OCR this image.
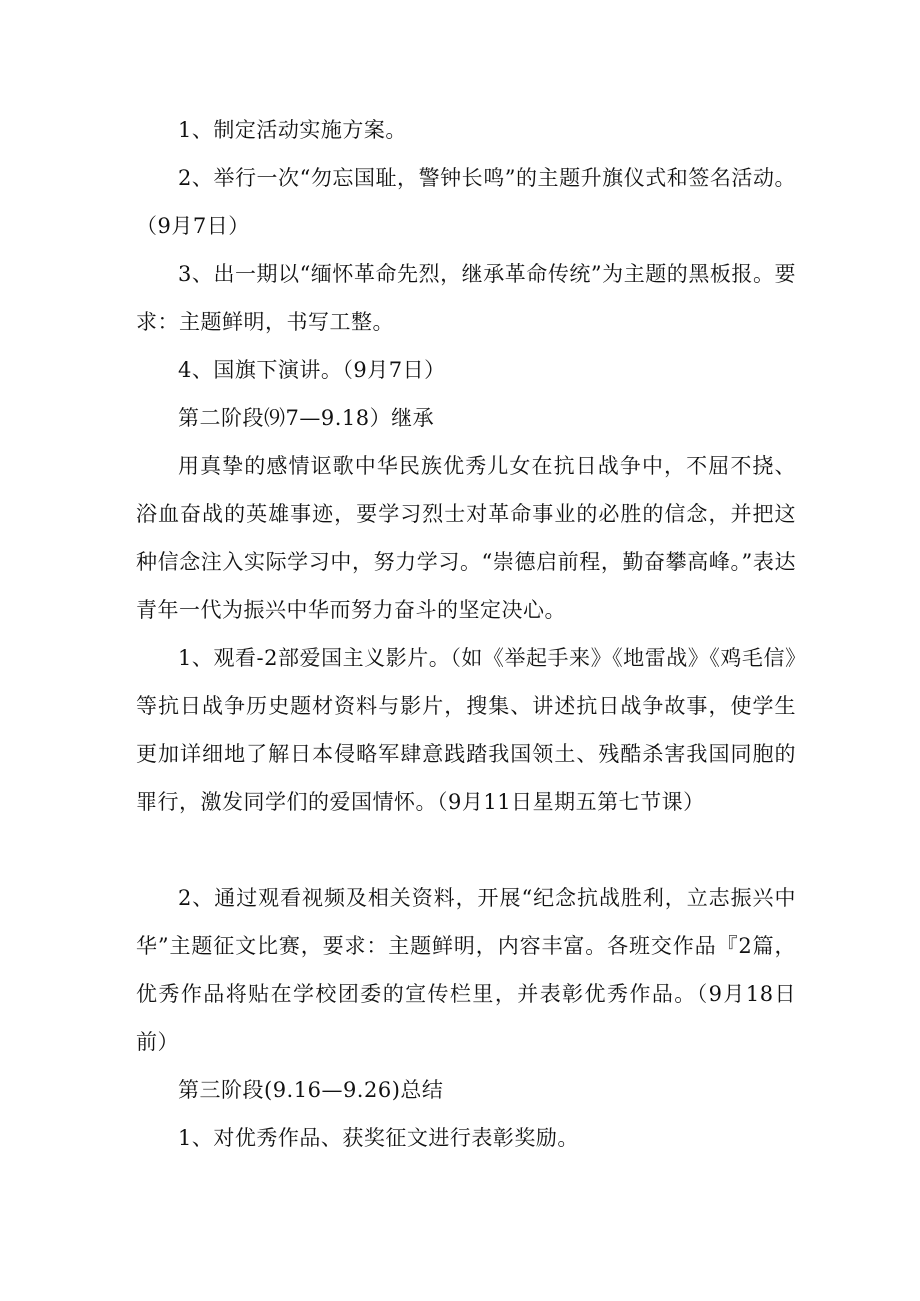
1、制定活动实施方案。

2、举行一次“勿忘国耻，警钟长鸣”的主题升旗仪式和签名活动。（9月7日）

3、出一期以“缅怀革命先烈，继承革命传统”为主题的黑板报。要求：主题鲜明，书写工整。

4、国旗下演讲。（9月7日）

第二阶段⑼7—9.18）继承

用真挚的感情讴歌中华民族优秀儿女在抗日战争中，不屈不挠、浴血奋战的英雄事迹，要学习烈士对革命事业的必胜的信念，并把这种信念注入实际学习中，努力学习。“崇德启前程，勤奋攀高峰。”表达青年一代为振兴中华而努力奋斗的坚定决心。

1、观看-2部爱国主义影片。（如《举起手来》《地雷战》《鸡毛信》等抗日战争历史题材资料与影片，搜集、讲述抗日战争故事，使学生更加详细地了解日本侵略军肆意践踏我国领土、残酷杀害我国同胞的罪行，激发同学们的爱国情怀。（9月11日星期五第七节课）

2、通过观看视频及相关资料，开展“纪念抗战胜利，立志振兴中华”主题征文比赛，要求：主题鲜明，内容丰富。各班交作品『2篇，优秀作品将贴在学校团委的宣传栏里，并表彰优秀作品。（9月18日前）

第三阶段(9.16—9.26)总结

1、对优秀作品、获奖征文进行表彰奖励。
